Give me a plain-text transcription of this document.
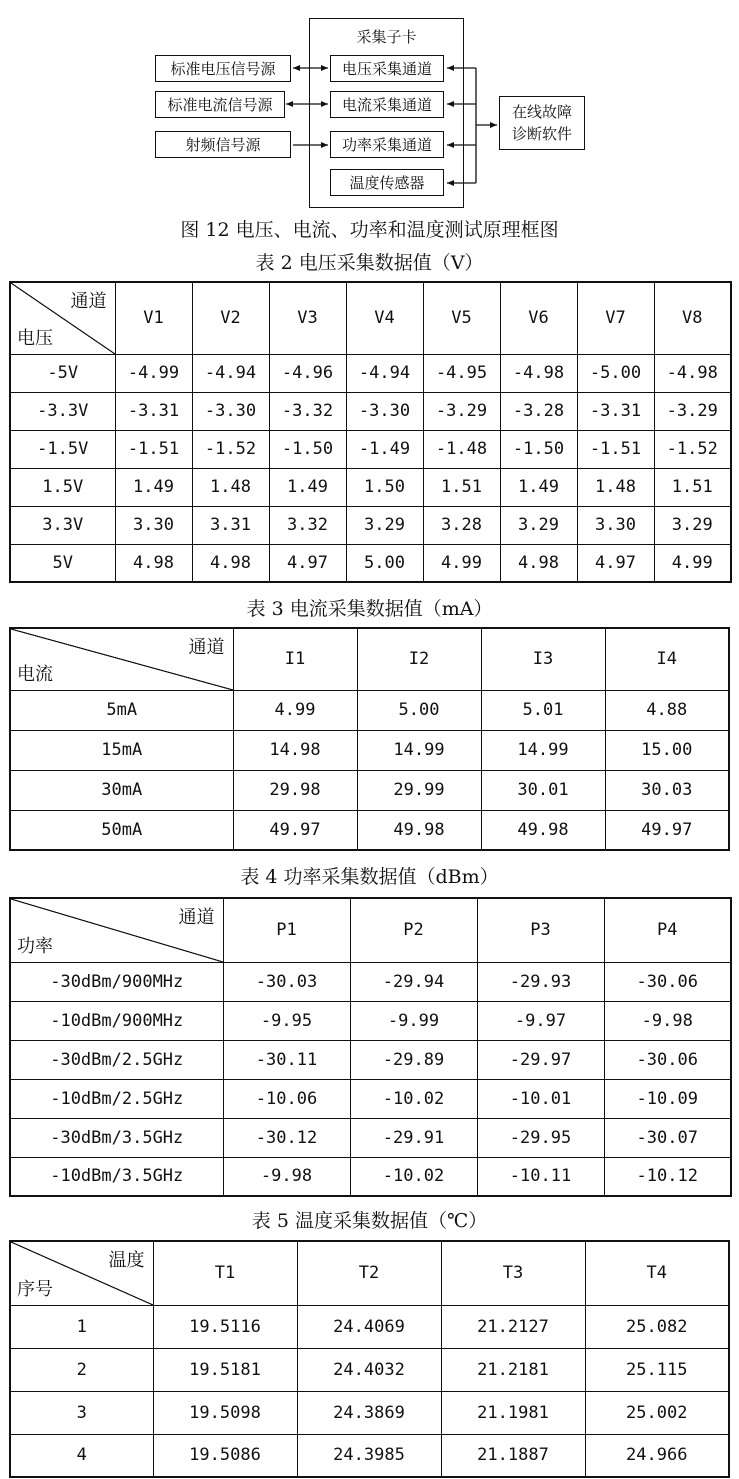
采集子卡
标准电压信号源
标准电流信号源
射频信号源
电压采集通道
电流采集通道
功率采集通道
温度传感器
在线故障
诊断软件
图 12 电压、电流、功率和温度测试原理框图
表 2 电压采集数据值（V）
通道
电压	V1	V2	V3	V4	V5	V6	V7	V8
-5V	-4.99	-4.94	-4.96	-4.94	-4.95	-4.98	-5.00	-4.98
-3.3V	-3.31	-3.30	-3.32	-3.30	-3.29	-3.28	-3.31	-3.29
-1.5V	-1.51	-1.52	-1.50	-1.49	-1.48	-1.50	-1.51	-1.52
1.5V	1.49	1.48	1.49	1.50	1.51	1.49	1.48	1.51
3.3V	3.30	3.31	3.32	3.29	3.28	3.29	3.30	3.29
5V	4.98	4.98	4.97	5.00	4.99	4.98	4.97	4.99
表 3 电流采集数据值（mA）
通道
电流	I1	I2	I3	I4
5mA	4.99	5.00	5.01	4.88
15mA	14.98	14.99	14.99	15.00
30mA	29.98	29.99	30.01	30.03
50mA	49.97	49.98	49.98	49.97
表 4 功率采集数据值（dBm）
通道
功率	P1	P2	P3	P4
-30dBm/900MHz	-30.03	-29.94	-29.93	-30.06
-10dBm/900MHz	-9.95	-9.99	-9.97	-9.98
-30dBm/2.5GHz	-30.11	-29.89	-29.97	-30.06
-10dBm/2.5GHz	-10.06	-10.02	-10.01	-10.09
-30dBm/3.5GHz	-30.12	-29.91	-29.95	-30.07
-10dBm/3.5GHz	-9.98	-10.02	-10.11	-10.12
表 5 温度采集数据值（℃）
温度
序号	T1	T2	T3	T4
1	19.5116	24.4069	21.2127	25.082
2	19.5181	24.4032	21.2181	25.115
3	19.5098	24.3869	21.1981	25.002
4	19.5086	24.3985	21.1887	24.966
